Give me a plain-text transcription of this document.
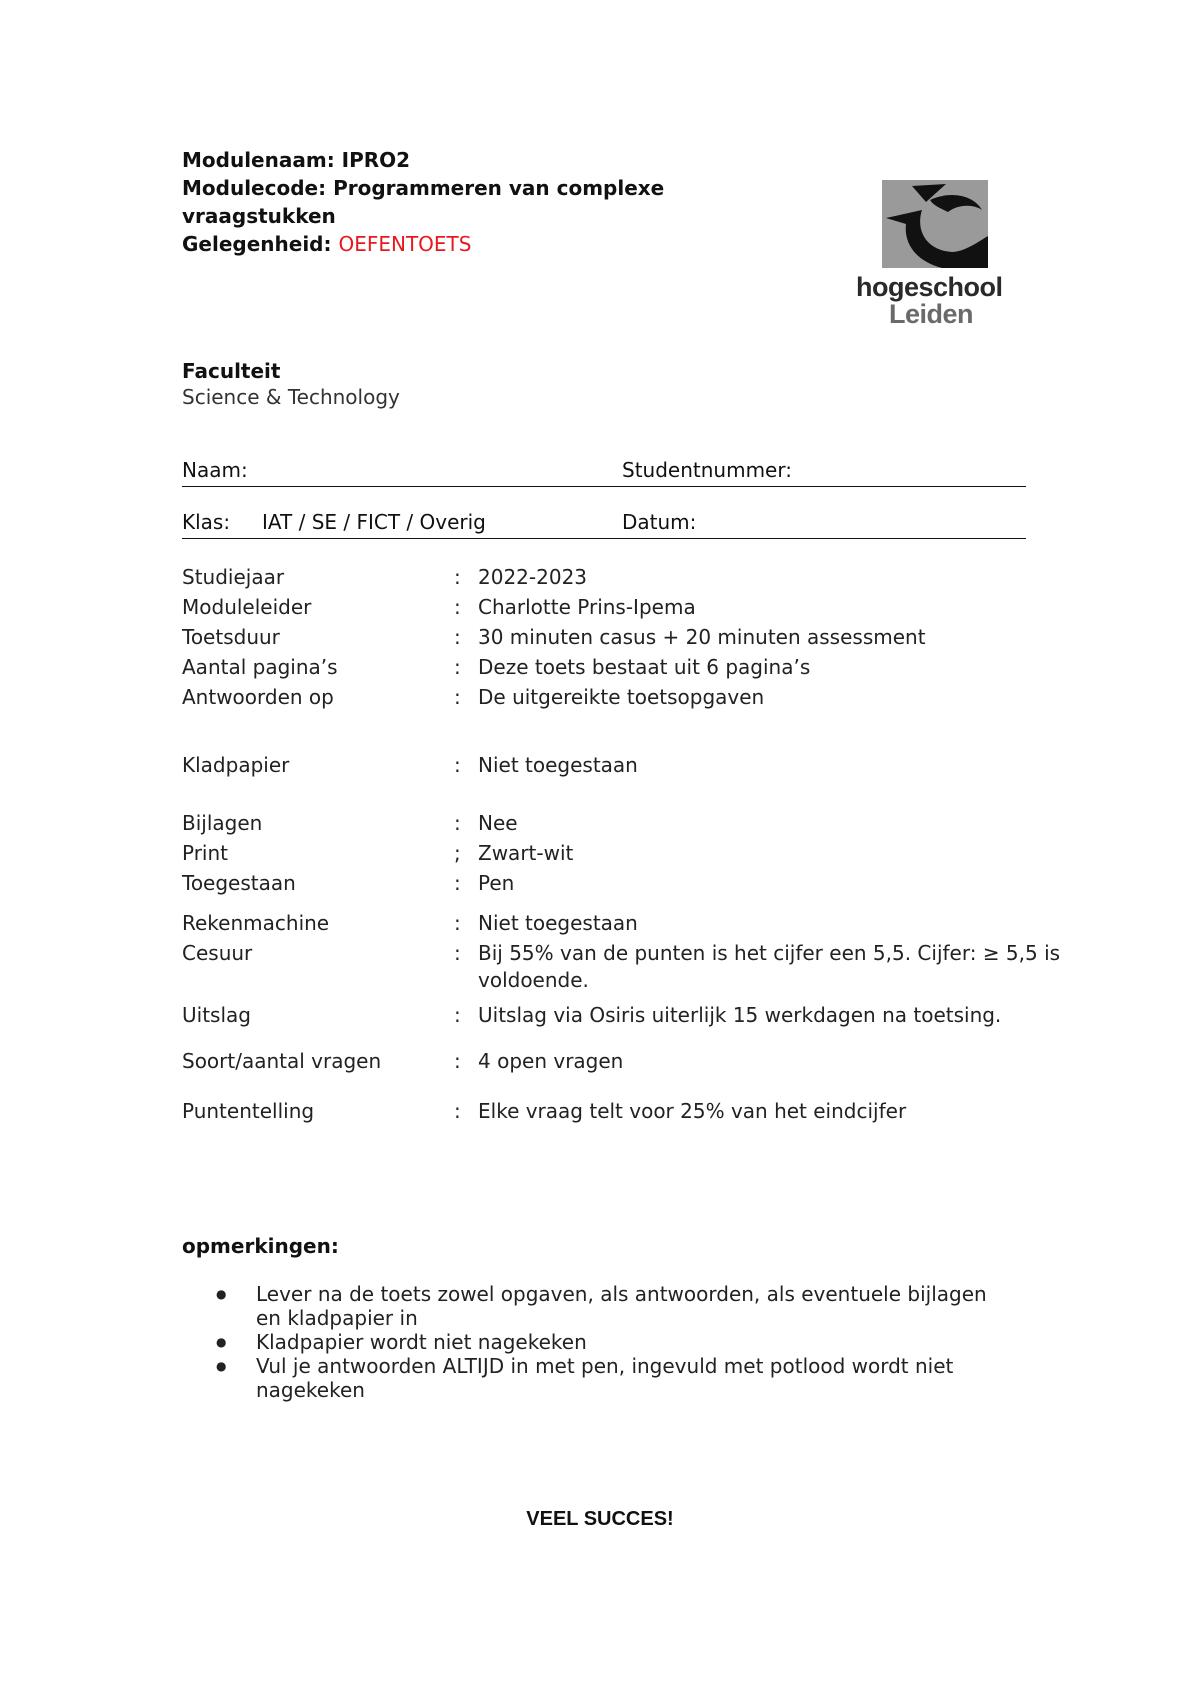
Modulenaam: IPRO2
Modulecode: Programmeren van complexe vraagstukken
Gelegenheid: OEFENTOETS
hogeschool
Leiden
Faculteit
Science & Technology
Naam:	Studentnummer:
Klas: IAT / SE / FICT / Overig	Datum:
Studiejaar	: 2022-2023
Moduleleider	: Charlotte Prins-Ipema
Toetsduur	: 30 minuten casus + 20 minuten assessment
Aantal pagina’s	: Deze toets bestaat uit 6 pagina’s
Antwoorden op	: De uitgereikte toetsopgaven
Kladpapier	: Niet toegestaan
Bijlagen	: Nee
Print	; Zwart-wit
Toegestaan	: Pen
Rekenmachine	: Niet toegestaan
Cesuur	: Bij 55% van de punten is het cijfer een 5,5. Cijfer: ≥ 5,5 is voldoende.
Uitslag	: Uitslag via Osiris uiterlijk 15 werkdagen na toetsing.
Soort/aantal vragen	: 4 open vragen
Puntentelling	: Elke vraag telt voor 25% van het eindcijfer
opmerkingen:
● Lever na de toets zowel opgaven, als antwoorden, als eventuele bijlagen en kladpapier in
● Kladpapier wordt niet nagekeken
● Vul je antwoorden ALTIJD in met pen, ingevuld met potlood wordt niet nagekeken
VEEL SUCCES!
